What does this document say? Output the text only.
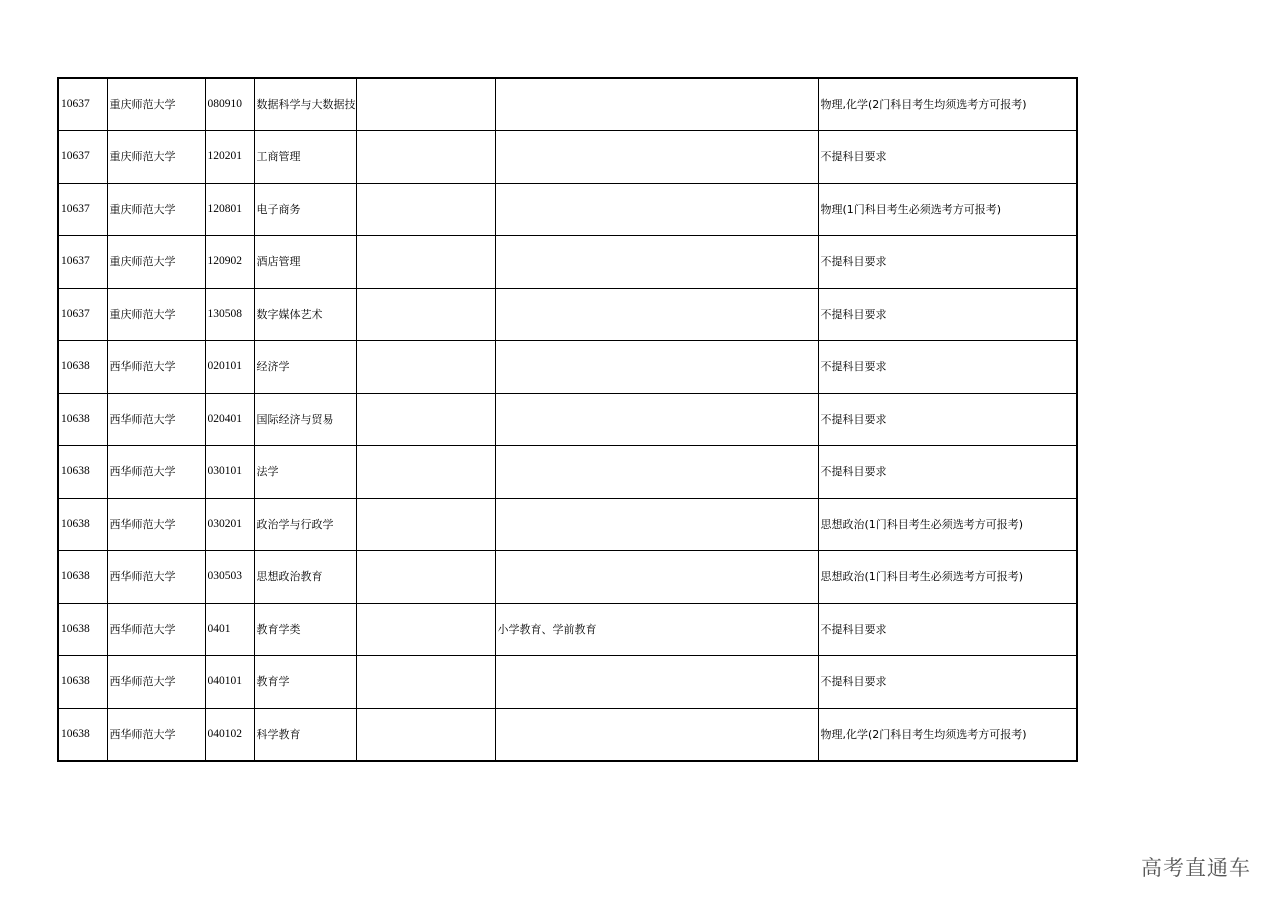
10637	重庆师范大学	080910	数据科学与大数据技			物理,化学(2门科目考生均须选考方可报考)
10637	重庆师范大学	120201	工商管理			不提科目要求
10637	重庆师范大学	120801	电子商务			物理(1门科目考生必须选考方可报考)
10637	重庆师范大学	120902	酒店管理			不提科目要求
10637	重庆师范大学	130508	数字媒体艺术			不提科目要求
10638	西华师范大学	020101	经济学			不提科目要求
10638	西华师范大学	020401	国际经济与贸易			不提科目要求
10638	西华师范大学	030101	法学			不提科目要求
10638	西华师范大学	030201	政治学与行政学			思想政治(1门科目考生必须选考方可报考)
10638	西华师范大学	030503	思想政治教育			思想政治(1门科目考生必须选考方可报考)
10638	西华师范大学	0401	教育学类		小学教育、学前教育	不提科目要求
10638	西华师范大学	040101	教育学			不提科目要求
10638	西华师范大学	040102	科学教育			物理,化学(2门科目考生均须选考方可报考)
高考直通车
